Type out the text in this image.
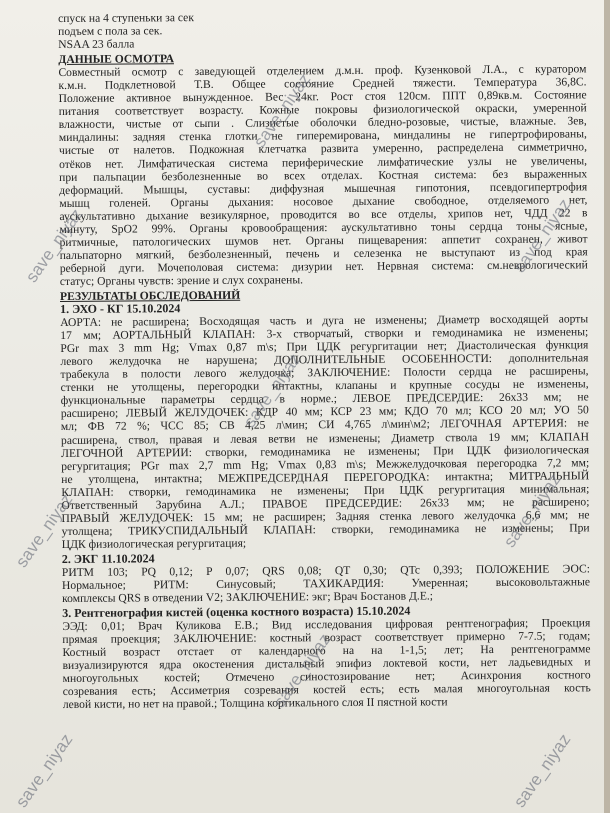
спуск на 4 ступеньки за сек
подъем с пола за сек.
NSAA 23 балла
ДАННЫЕ ОСМОТРА
Совместный осмотр с заведующей отделением д.м.н. проф. Кузенковой Л.А., с куратором
к.м.н. Подклетновой Т.В. Общее состояние Средней тяжести. Температура 36,8С.
Положение активное вынужденное. Вес 24кг. Рост стоя 120см. ППТ 0,89кв.м. Состояние
питания соответствует возрасту. Кожные покровы физиологической окраски, умеренной
влажности, чистые от сыпи . Слизистые оболочки бледно-розовые, чистые, влажные. Зев,
миндалины: задняя стенка глотки не гиперемирована, миндалины не гипертрофированы,
чистые от налетов. Подкожная клетчатка развита умеренно, распределена симметрично,
отёков нет. Лимфатическая система периферические лимфатические узлы не увеличены,
при пальпации безболезненные во всех отделах. Костная система: без выраженных
деформаций. Мышцы, суставы: диффузная мышечная гипотония, псевдогипертрофия
мышц голеней. Органы дыхания: носовое дыхание свободное, отделяемого нет,
аускультативно дыхание везикулярное, проводится во все отделы, хрипов нет, ЧДД 22 в
минуту, SpO2 99%. Органы кровообращения: аускультативно тоны сердца тоны ясные,
ритмичные, патологических шумов нет. Органы пищеварения: аппетит сохранен, живот
пальпаторно мягкий, безболезненный, печень и селезенка не выступают из под края
реберной дуги. Мочеполовая система: дизурии нет. Нервная система: см.неврологический
статус; Органы чувств: зрение и слух сохранены.
РЕЗУЛЬТАТЫ ОБСЛЕДОВАНИЙ
1. ЭХО - КГ 15.10.2024
АОРТА: не расширена; Восходящая часть и дуга не изменены; Диаметр восходящей аорты
17 мм; АОРТАЛЬНЫЙ КЛАПАН: 3-х створчатый, створки и гемодинамика не изменены;
PGr max 3 mm Hg; Vmax 0,87 m\s; При ЦДК регургитации нет; Диастолическая функция
левого желудочка не нарушена; ДОПОЛНИТЕЛЬНЫЕ ОСОБЕННОСТИ: дополнительная
трабекула в полости левого желудочка; ЗАКЛЮЧЕНИЕ: Полости сердца не расширены,
стенки не утолщены, перегородки интактны, клапаны и крупные сосуды не изменены,
функциональные параметры сердца в норме.; ЛЕВОЕ ПРЕДСЕРДИЕ: 26x33 мм; не
расширено; ЛЕВЫЙ ЖЕЛУДОЧЕК: КДР 40 мм; КСР 23 мм; КДО 70 мл; КСО 20 мл; УО 50
мл; ФВ 72 %; ЧСС 85; СВ 4,25 л\мин; СИ 4,765 л\мин\м2; ЛЕГОЧНАЯ АРТЕРИЯ: не
расширена, ствол, правая и левая ветви не изменены; Диаметр ствола 19 мм; КЛАПАН
ЛЕГОЧНОЙ АРТЕРИИ: створки, гемодинамика не изменены; При ЦДК физиологическая
регургитация; PGr max 2,7 mm Hg; Vmax 0,83 m\s; Межжелудочковая перегородка 7,2 мм;
не утолщена, интактна; МЕЖПРЕДСЕРДНАЯ ПЕРЕГОРОДКА: интактна; МИТРАЛЬНЫЙ
КЛАПАН: створки, гемодинамика не изменены; При ЦДК регургитация минимальная;
Ответственный Зарубина А.Л.; ПРАВОЕ ПРЕДСЕРДИЕ: 26x33 мм; не расширено;
ПРАВЫЙ ЖЕЛУДОЧЕК: 15 мм; не расширен; Задняя стенка левого желудочка 6,6 мм; не
утолщена; ТРИКУСПИДАЛЬНЫЙ КЛАПАН: створки, гемодинамика не изменены; При
ЦДК физиологическая регургитация;
2. ЭКГ 11.10.2024
РИТМ 103; PQ 0,12; P 0,07; QRS 0,08; QT 0,30; QTc 0,393; ПОЛОЖЕНИЕ ЭОС:
Нормальное; РИТМ: Синусовый; ТАХИКАРДИЯ: Умеренная; высоковольтажные
комплексы QRS в отведении V2; ЗАКЛЮЧЕНИЕ: экг; Врач Бостанов Д.Е.;
3. Рентгенография кистей (оценка костного возраста) 15.10.2024
ЭЭД: 0,01; Врач Куликова Е.В.; Вид исследования цифровая рентгенография; Проекция
прямая проекция; ЗАКЛЮЧЕНИЕ: костный возраст соответствует примерно 7-7.5; годам;
Костный возраст отстает от календарного на на 1-1,5; лет; На рентгенограмме
визуализируются ядра окостенения дистальный эпифиз локтевой кости, нет ладьевидных и
многоугольных костей; Отмечено синостозирование нет; Асинхрония костного
созревания есть; Ассиметрия созревания костей есть; есть малая многоугольная кость
левой кисти, но нет на правой.; Толщина кортикального слоя II пястной кости
save_niyaz
save_niyaz	save_niyaz
save_niyaz
save_niyaz	save_niyaz
save_niyaz
save_niyaz	save_niyaz
